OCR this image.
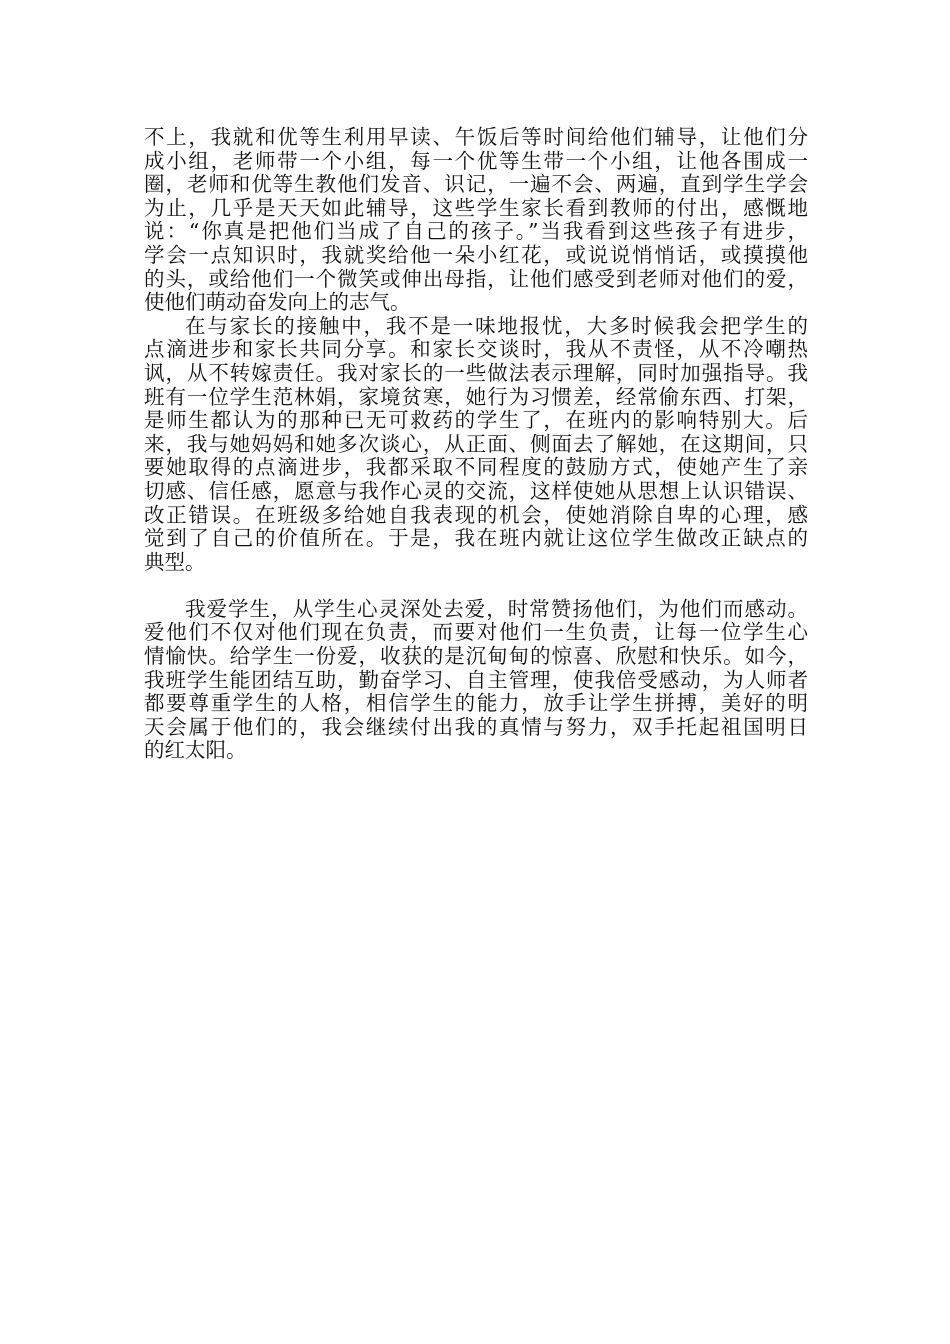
不上，我就和优等生利用早读、午饭后等时间给他们辅导，让他们分
成小组，老师带一个小组，每一个优等生带一个小组，让他各围成一
圈，老师和优等生教他们发音、识记，一遍不会、两遍，直到学生学会
为止，几乎是天天如此辅导，这些学生家长看到教师的付出，感慨地
说：“你真是把他们当成了自己的孩子。”当我看到这些孩子有进步，
学会一点知识时，我就奖给他一朵小红花，或说说悄悄话，或摸摸他
的头，或给他们一个微笑或伸出母指，让他们感受到老师对他们的爱，
使他们萌动奋发向上的志气。

在与家长的接触中，我不是一味地报忧，大多时候我会把学生的
点滴进步和家长共同分享。和家长交谈时，我从不责怪，从不冷嘲热
讽，从不转嫁责任。我对家长的一些做法表示理解，同时加强指导。我
班有一位学生范林娟，家境贫寒，她行为习惯差，经常偷东西、打架，
是师生都认为的那种已无可救药的学生了，在班内的影响特别大。后
来，我与她妈妈和她多次谈心，从正面、侧面去了解她，在这期间，只
要她取得的点滴进步，我都采取不同程度的鼓励方式，使她产生了亲
切感、信任感，愿意与我作心灵的交流，这样使她从思想上认识错误、
改正错误。在班级多给她自我表现的机会，使她消除自卑的心理，感
觉到了自己的价值所在。于是，我在班内就让这位学生做改正缺点的
典型。

我爱学生，从学生心灵深处去爱，时常赞扬他们，为他们而感动。
爱他们不仅对他们现在负责，而要对他们一生负责，让每一位学生心
情愉快。给学生一份爱，收获的是沉甸甸的惊喜、欣慰和快乐。如今，
我班学生能团结互助，勤奋学习、自主管理，使我倍受感动，为人师者
都要尊重学生的人格，相信学生的能力，放手让学生拼搏，美好的明
天会属于他们的，我会继续付出我的真情与努力，双手托起祖国明日
的红太阳。
